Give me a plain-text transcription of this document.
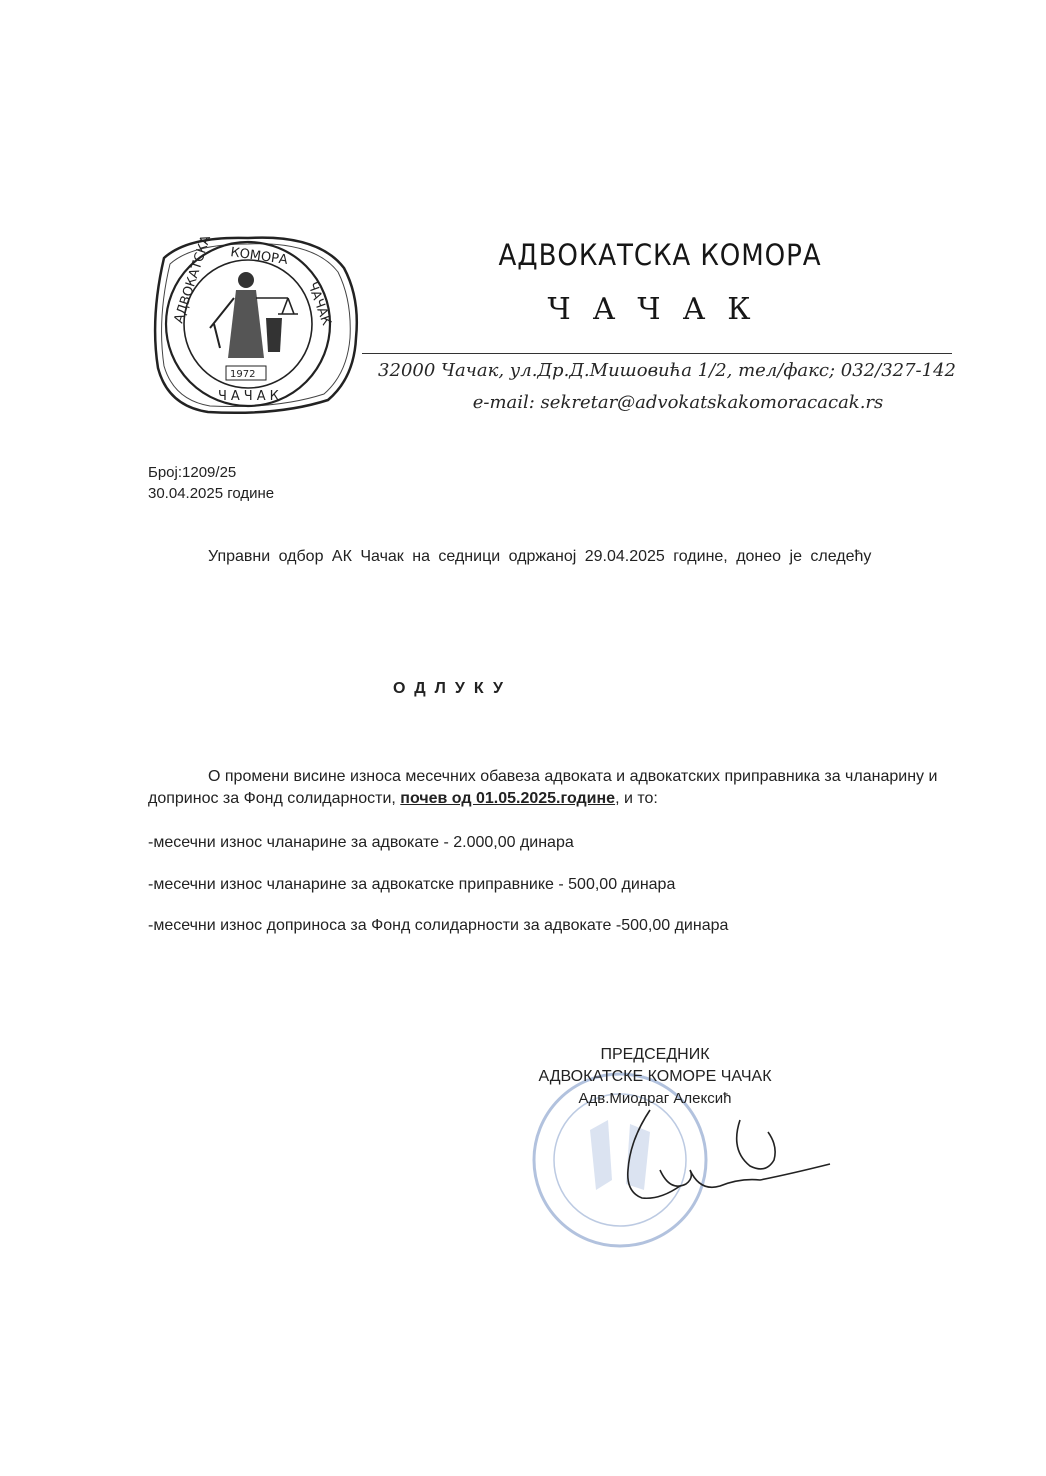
АДВОКАТСКА КОМОРА
ЧАЧАК
ЧАЧАК
1972
АДВОКАТСКА КОМОРА
ЧАЧАК
32000 Чачак, ул.Др.Д.Мишовића 1/2, тел/факс; 032/327-142
e-mail: sekretar@advokatskakomoracacak.rs
Број:1209/25
30.04.2025 године
Управни одбор АК Чачак на седници одржаној 29.04.2025 године, донео је следећу
ОДЛУКУ
О промени висине износа месечних обавеза адвоката и адвокатских приправника за чланарину и допринос за Фонд солидарности, почев од 01.05.2025.године, и то:
-месечни износ чланарине за адвокате - 2.000,00 динара
-месечни износ чланарине за адвокатске приправнике - 500,00 динара
-месечни износ доприноса за Фонд солидарности за адвокате -500,00 динара
ПРЕДСЕДНИК
АДВОКАТСКЕ КОМОРЕ ЧАЧАК
Адв.Миодраг Алексић
